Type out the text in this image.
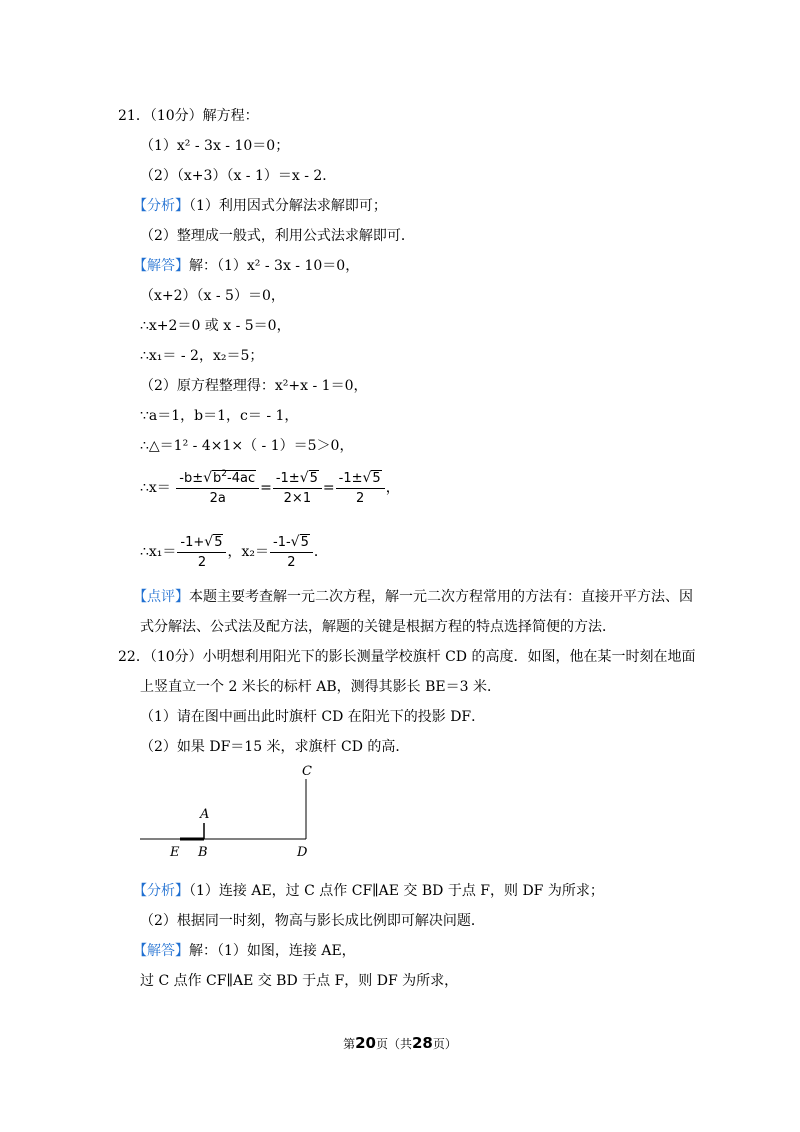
21．（10分）解方程：
（1）x² - 3x - 10＝0；
（2）（x+3）（x - 1）＝x - 2．
【分析】（1）利用因式分解法求解即可；
（2）整理成一般式，利用公式法求解即可．
【解答】解：（1）x² - 3x - 10＝0，
（x+2）（x - 5）＝0，
∴x+2＝0 或 x - 5＝0，
∴x₁＝ - 2，x₂＝5；
（2）原方程整理得：x²+x - 1＝0，
∵a＝1，b＝1，c＝ - 1，
∴△＝1² - 4×1×（ - 1）＝5＞0，
∴x＝ $\frac{-b\pm√b^2-4ac}{2a} = \frac{-1\pm√5}{2\times 1} = \frac{-1\pm√5}{2}$ ，
∴x₁＝ $\frac{-1+√5}{2}$ ，$x_2= \frac{-1-√5}{2}$ ．
【点评】本题主要考查解一元二次方程，解一元二次方程常用的方法有：直接开平方法、因
式分解法、公式法及配方法，解题的关键是根据方程的特点选择简便的方法．
22．（10分）小明想利用阳光下的影长测量学校旗杆 CD 的高度．如图，他在某一时刻在地面
上竖直立一个 2 米长的标杆 AB，测得其影长 BE＝3 米．
（1）请在图中画出此时旗杆 CD 在阳光下的投影 DF．
（2）如果 DF＝15 米，求旗杆 CD 的高．
C
A
E B	D
【分析】（1）连接 AE，过 C 点作 CF∥AE 交 BD 于点 F，则 DF 为所求；
（2）根据同一时刻，物高与影长成比例即可解决问题．
【解答】解：（1）如图，连接 AE，
过 C 点作 CF∥AE 交 BD 于点 F，则 DF 为所求，
第20页（共28页）
